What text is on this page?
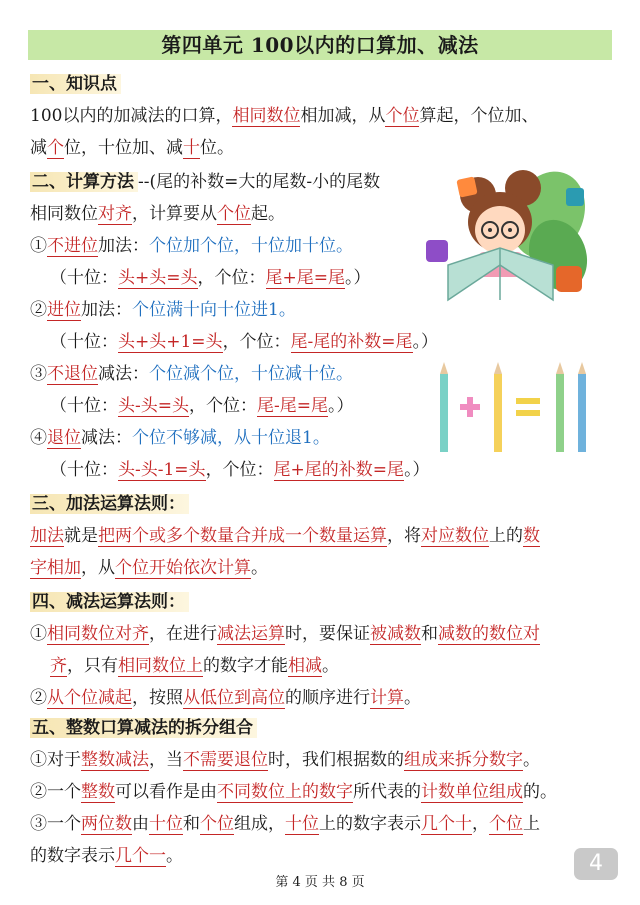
第四单元 100以内的口算加、减法
一、知识点
100以内的加减法的口算，相同数位相加减，从个位算起，个位加、
减个位，十位加、减十位。
二、计算方法 --(尾的补数=大的尾数-小的尾数
相同数位对齐，计算要从个位起。
①不进位加法：个位加个位，十位加十位。
（十位：头+头=头，个位：尾+尾=尾。）
②进位加法：个位满十向十位进1。
（十位：头+头+1=头，个位：尾-尾的补数=尾。）
③不退位减法：个位减个位，十位减十位。
（十位：头-头=头，个位：尾-尾=尾。）
④退位减法：个位不够减，从十位退1。
（十位：头-头-1=头，个位：尾+尾的补数=尾。）
三、加法运算法则：
加法就是把两个或多个数量合并成一个数量运算，将对应数位上的数
字相加，从个位开始依次计算。
四、减法运算法则：
①相同数位对齐，在进行减法运算时，要保证被减数和减数的数位对
齐，只有相同数位上的数字才能相减。
②从个位减起，按照从低位到高位的顺序进行计算。
五、整数口算减法的拆分组合
①对于整数减法，当不需要退位时，我们根据数的组成来拆分数字。
②一个整数可以看作是由不同数位上的数字所代表的计数单位组成的。
③一个两位数由十位和个位组成，十位上的数字表示几个十，个位上
的数字表示几个一。
第 4 页 共 8 页
4
